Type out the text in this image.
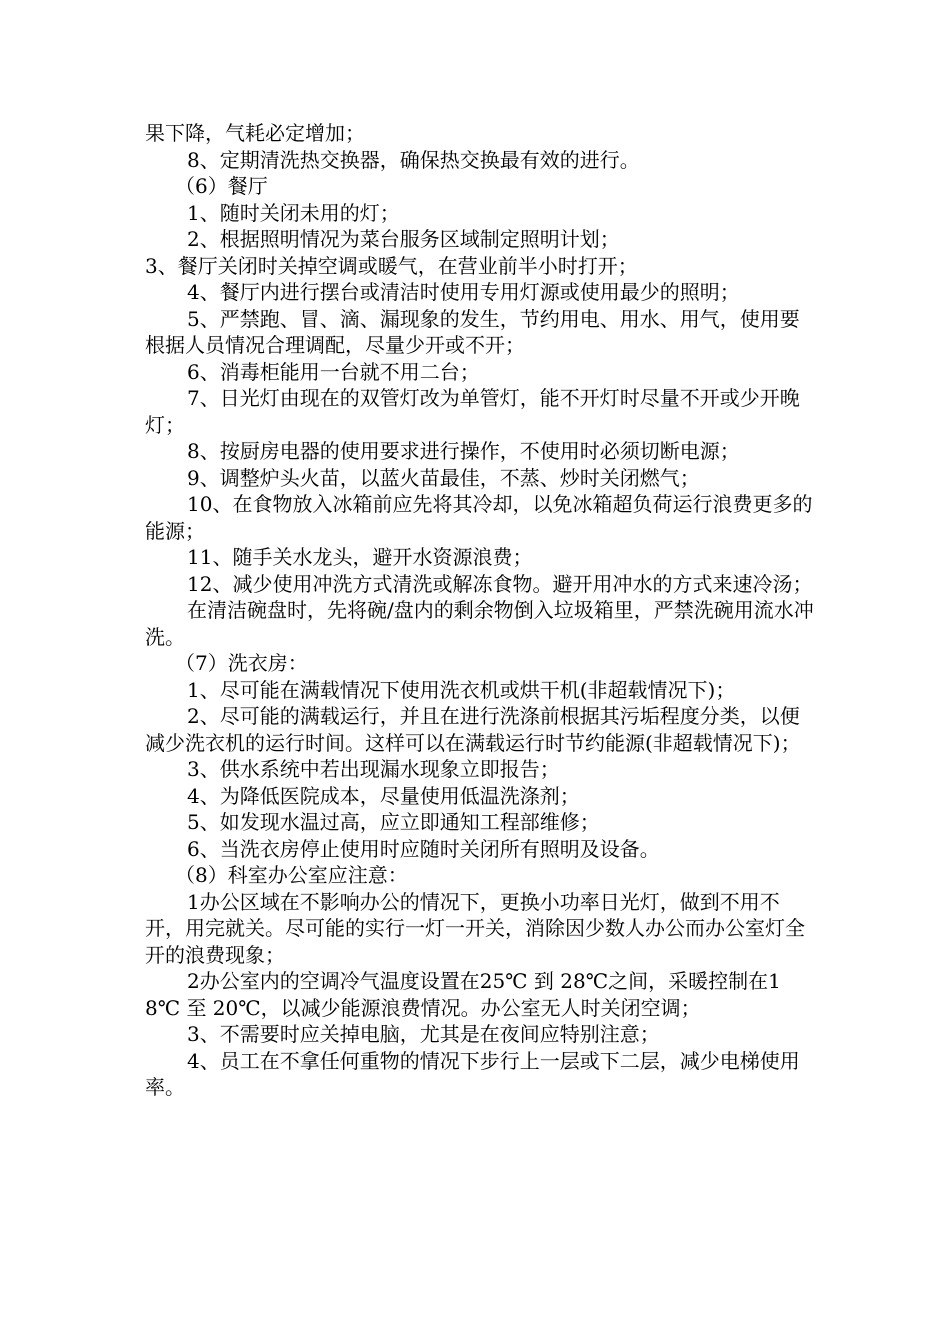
果下降，气耗必定增加；

8、定期清洗热交换器，确保热交换最有效的进行。

（6）餐厅

1、随时关闭未用的灯；

2、根据照明情况为菜台服务区域制定照明计划；

3、餐厅关闭时关掉空调或暖气，在营业前半小时打开；

4、餐厅内进行摆台或清洁时使用专用灯源或使用最少的照明；

5、严禁跑、冒、滴、漏现象的发生，节约用电、用水、用气，使用要根据人员情况合理调配，尽量少开或不开；

6、消毒柜能用一台就不用二台；

7、日光灯由现在的双管灯改为单管灯，能不开灯时尽量不开或少开晚灯；

8、按厨房电器的使用要求进行操作，不使用时必须切断电源；

9、调整炉头火苗，以蓝火苗最佳，不蒸、炒时关闭燃气；

10、在食物放入冰箱前应先将其冷却，以免冰箱超负荷运行浪费更多的能源；

11、随手关水龙头，避开水资源浪费；

12、减少使用冲洗方式清洗或解冻食物。避开用冲水的方式来速冷汤；

在清洁碗盘时，先将碗/盘内的剩余物倒入垃圾箱里，严禁洗碗用流水冲洗。

（7）洗衣房：

1、尽可能在满载情况下使用洗衣机或烘干机(非超载情况下)；

2、尽可能的满载运行，并且在进行洗涤前根据其污垢程度分类，以便减少洗衣机的运行时间。这样可以在满载运行时节约能源(非超载情况下)；

3、供水系统中若出现漏水现象立即报告；

4、为降低医院成本，尽量使用低温洗涤剂；

5、如发现水温过高，应立即通知工程部维修；

6、当洗衣房停止使用时应随时关闭所有照明及设备。

（8）科室办公室应注意：

1办公区域在不影响办公的情况下，更换小功率日光灯，做到不用不开，用完就关。尽可能的实行一灯一开关，消除因少数人办公而办公室灯全开的浪费现象；

2办公室内的空调冷气温度设置在25℃ 到 28℃之间，采暖控制在18℃ 至 20℃，以减少能源浪费情况。办公室无人时关闭空调；

3、不需要时应关掉电脑，尤其是在夜间应特别注意；

4、员工在不拿任何重物的情况下步行上一层或下二层，减少电梯使用率。
